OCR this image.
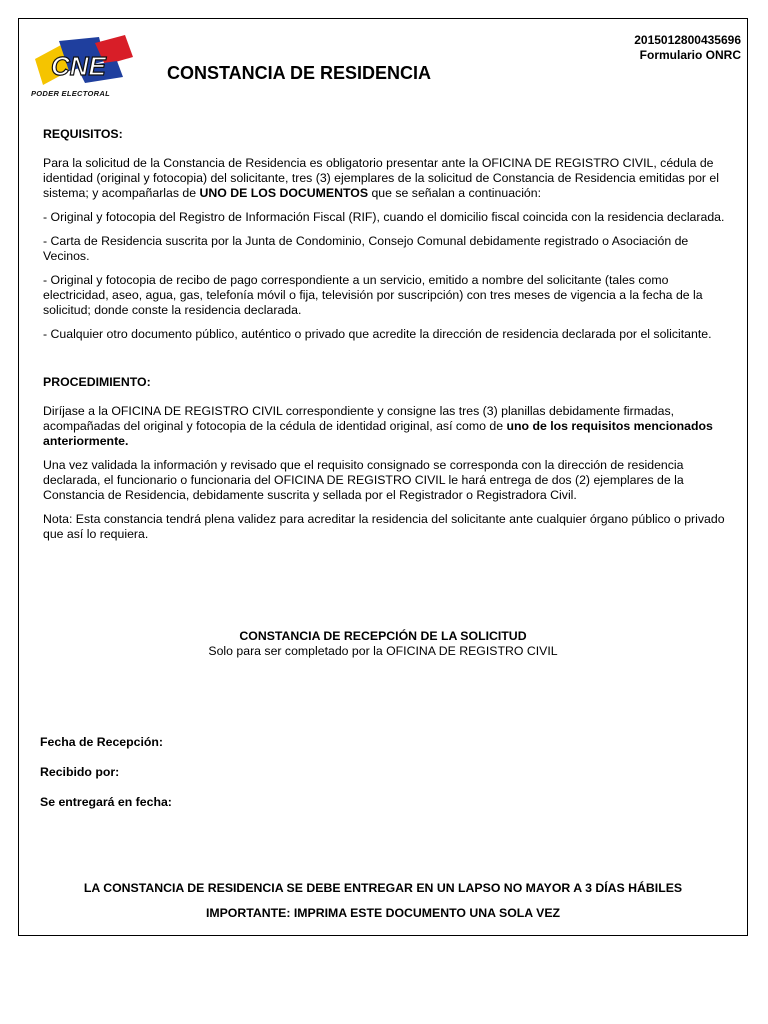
CNE
PODER ELECTORAL
2015012800435696
Formulario ONRC
CONSTANCIA DE RESIDENCIA

REQUISITOS:

Para la solicitud de la Constancia de Residencia es obligatorio presentar ante la OFICINA DE REGISTRO CIVIL, cédula de identidad (original y fotocopia) del solicitante, tres (3) ejemplares de la solicitud de Constancia de Residencia emitidas por el sistema; y acompañarlas de UNO DE LOS DOCUMENTOS que se señalan a continuación:

- Original y fotocopia del Registro de Información Fiscal (RIF), cuando el domicilio fiscal coincida con la residencia declarada.

- Carta de Residencia suscrita por la Junta de Condominio, Consejo Comunal debidamente registrado o Asociación de Vecinos.

- Original y fotocopia de recibo de pago correspondiente a un servicio, emitido a nombre del solicitante (tales como electricidad, aseo, agua, gas, telefonía móvil o fija, televisión por suscripción) con tres meses de vigencia a la fecha de la solicitud; donde conste la residencia declarada.

- Cualquier otro documento público, auténtico o privado que acredite la dirección de residencia declarada por el solicitante.

PROCEDIMIENTO:

Diríjase a la OFICINA DE REGISTRO CIVIL correspondiente y consigne las tres (3) planillas debidamente firmadas, acompañadas del original y fotocopia de la cédula de identidad original, así como de uno de los requisitos mencionados anteriormente.

Una vez validada la información y revisado que el requisito consignado se corresponda con la dirección de residencia declarada, el funcionario o funcionaria del OFICINA DE REGISTRO CIVIL le hará entrega de dos (2) ejemplares de la Constancia de Residencia, debidamente suscrita y sellada por el Registrador o Registradora Civil.

Nota: Esta constancia tendrá plena validez para acreditar la residencia del solicitante ante cualquier órgano público o privado que así lo requiera.

CONSTANCIA DE RECEPCIÓN DE LA SOLICITUD
Solo para ser completado por la OFICINA DE REGISTRO CIVIL
Fecha de Recepción:
Recibido por:
Se entregará en fecha:
LA CONSTANCIA DE RESIDENCIA SE DEBE ENTREGAR EN UN LAPSO NO MAYOR A 3 DÍAS HÁBILES
IMPORTANTE: IMPRIMA ESTE DOCUMENTO UNA SOLA VEZ
